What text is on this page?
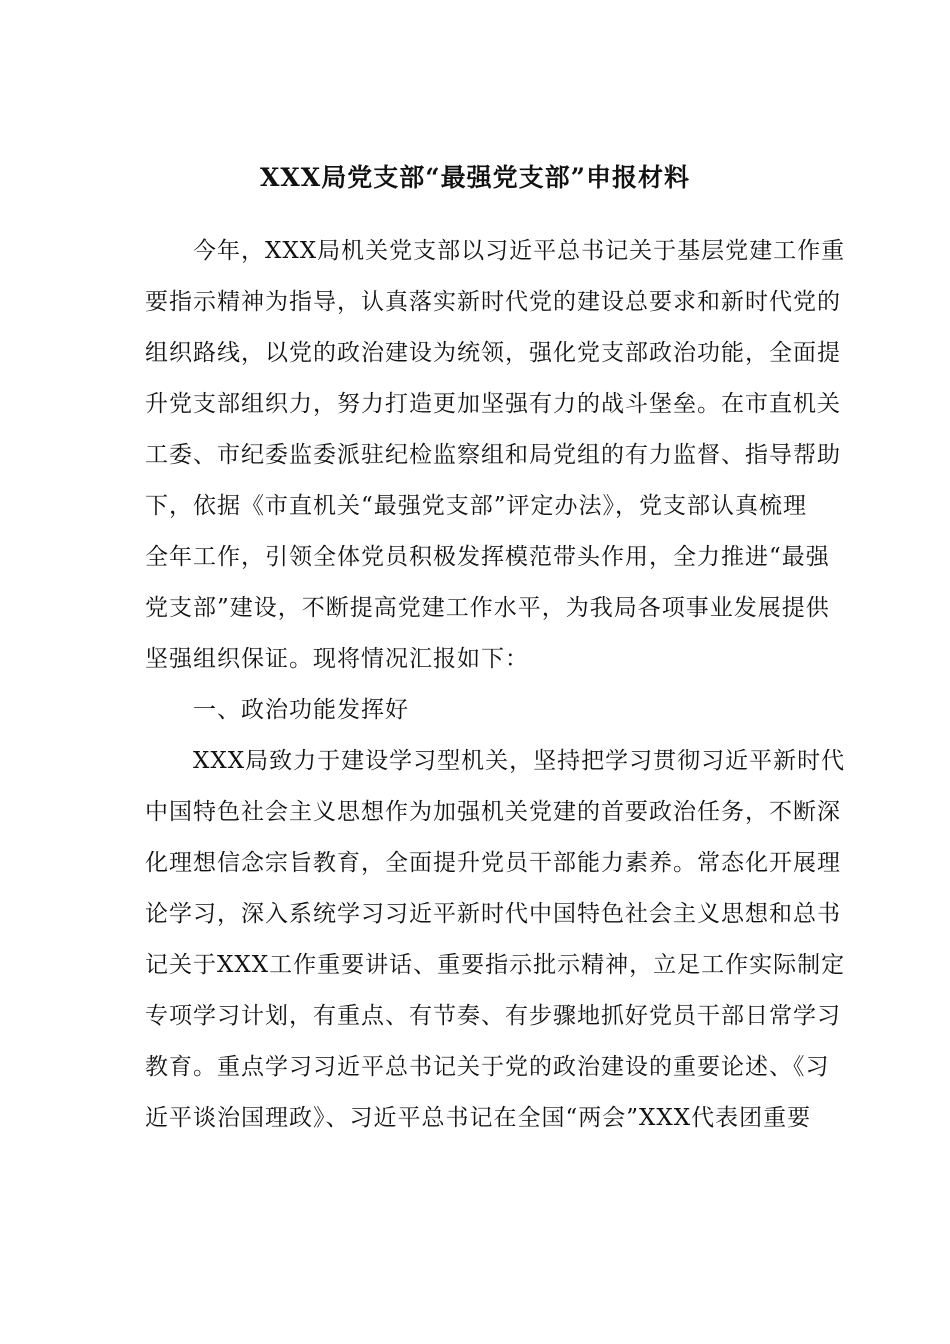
XXX局党支部“最强党支部”申报材料
今年，XXX局机关党支部以习近平总书记关于基层党建工作重
要指示精神为指导，认真落实新时代党的建设总要求和新时代党的
组织路线，以党的政治建设为统领，强化党支部政治功能，全面提
升党支部组织力，努力打造更加坚强有力的战斗堡垒。在市直机关
工委、市纪委监委派驻纪检监察组和局党组的有力监督、指导帮助
下，依据《市直机关“最强党支部”评定办法》，党支部认真梳理
全年工作，引领全体党员积极发挥模范带头作用，全力推进“最强
党支部”建设，不断提高党建工作水平，为我局各项事业发展提供
坚强组织保证。现将情况汇报如下：
一、政治功能发挥好
XXX局致力于建设学习型机关，坚持把学习贯彻习近平新时代
中国特色社会主义思想作为加强机关党建的首要政治任务，不断深
化理想信念宗旨教育，全面提升党员干部能力素养。常态化开展理
论学习，深入系统学习习近平新时代中国特色社会主义思想和总书
记关于XXX工作重要讲话、重要指示批示精神，立足工作实际制定
专项学习计划，有重点、有节奏、有步骤地抓好党员干部日常学习
教育。重点学习习近平总书记关于党的政治建设的重要论述、《习
近平谈治国理政》、习近平总书记在全国“两会”XXX代表团重要
